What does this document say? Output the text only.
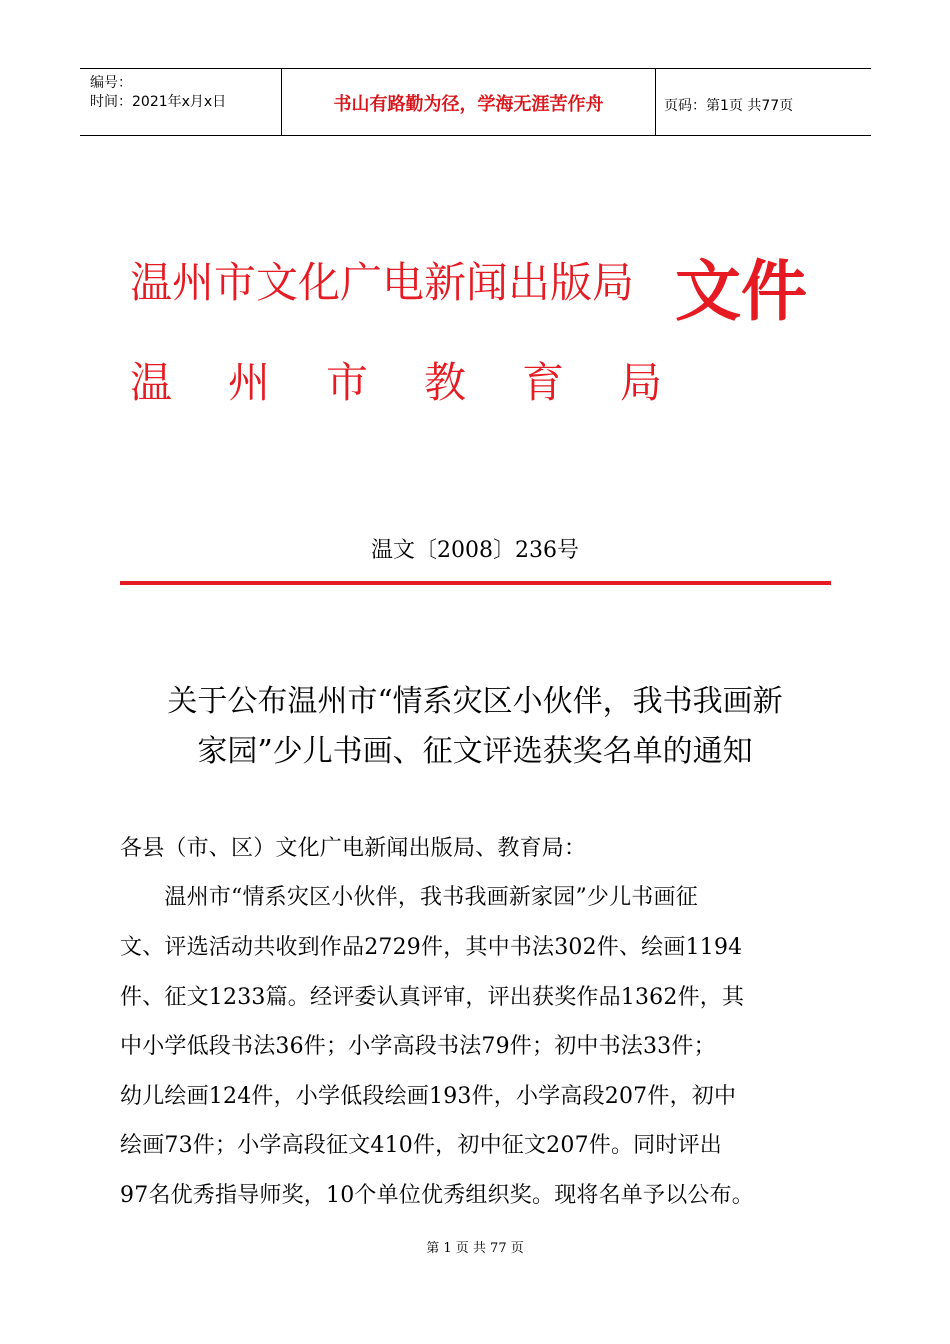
编号：
时间：2021年x月x日	书山有路勤为径，学海无涯苦作舟	页码：第1页 共77页
温州市文化广电新闻出版局 文件
温 州 市 教 育 局
温文〔2008〕236号
关于公布温州市“情系灾区小伙伴，我书我画新
家园”少儿书画、征文评选获奖名单的通知
各县（市、区）文化广电新闻出版局、教育局：
　　温州市“情系灾区小伙伴，我书我画新家园”少儿书画征
文、评选活动共收到作品2729件，其中书法302件、绘画1194
件、征文1233篇。经评委认真评审，评出获奖作品1362件，其
中小学低段书法36件；小学高段书法79件；初中书法33件；
幼儿绘画124件，小学低段绘画193件，小学高段207件，初中
绘画73件；小学高段征文410件，初中征文207件。同时评出
97名优秀指导师奖，10个单位优秀组织奖。现将名单予以公布。
第 1 页 共 77 页
